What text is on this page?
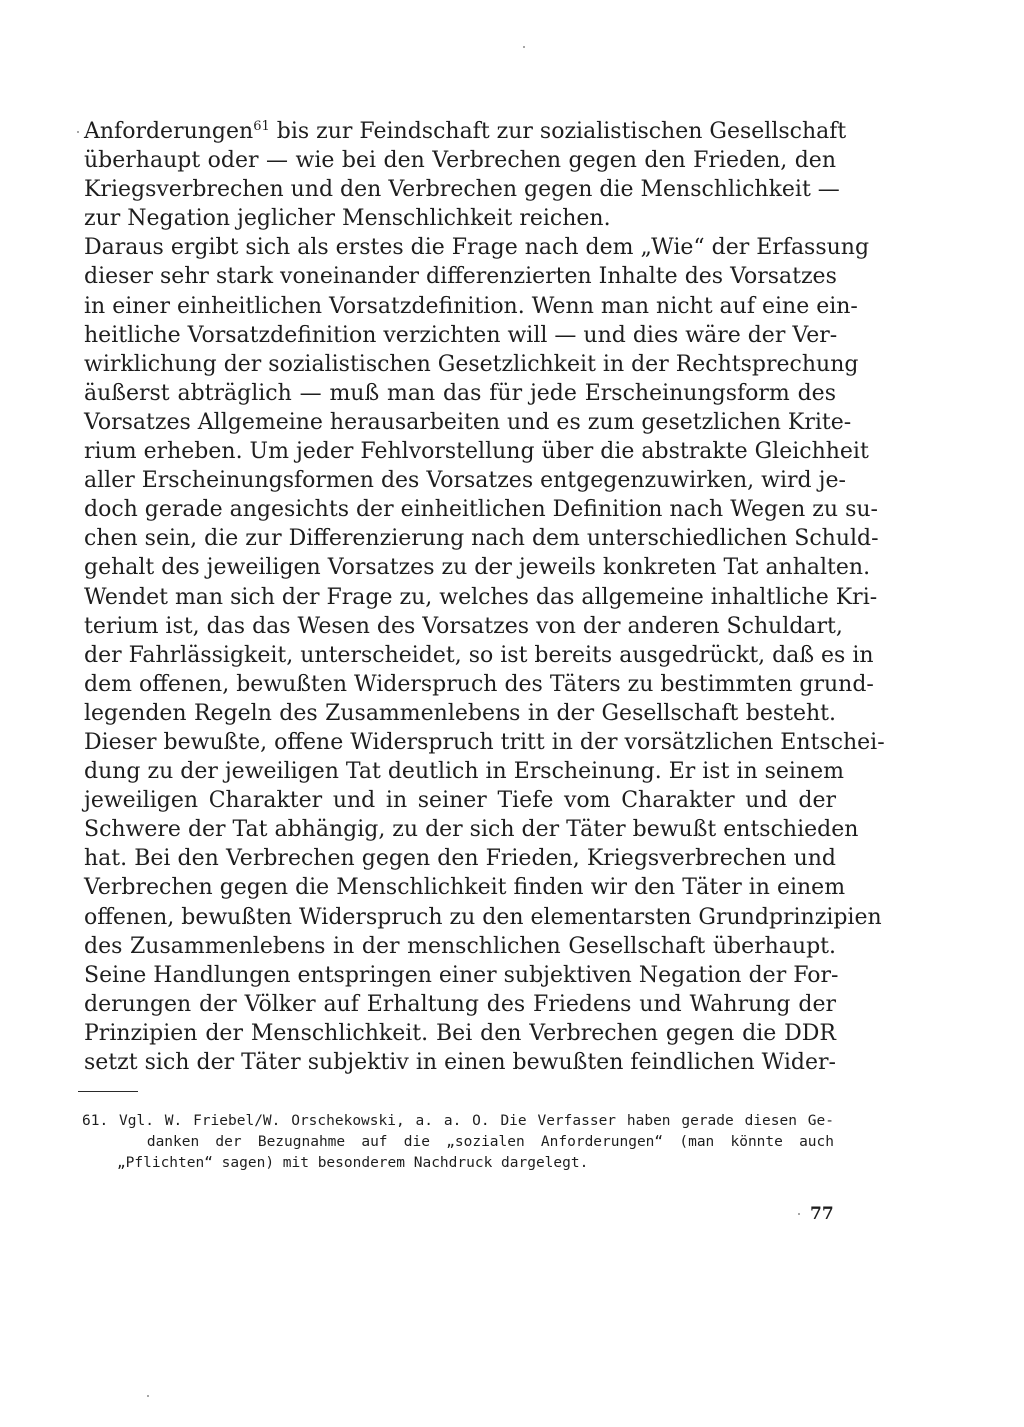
Anforderungen$^{61}$ bis zur Feindschaft zur sozialistischen Gesellschaft
überhaupt oder — wie bei den Verbrechen gegen den Frieden, den
Kriegsverbrechen und den Verbrechen gegen die Menschlichkeit —
zur Negation jeglicher Menschlichkeit reichen.
Daraus ergibt sich als erstes die Frage nach dem „Wie“ der Erfassung
dieser sehr stark voneinander differenzierten Inhalte des Vorsatzes
in einer einheitlichen Vorsatzdefinition. Wenn man nicht auf eine ein-
heitliche Vorsatzdefinition verzichten will — und dies wäre der Ver-
wirklichung der sozialistischen Gesetzlichkeit in der Rechtsprechung
äußerst abträglich — muß man das für jede Erscheinungsform des
Vorsatzes Allgemeine herausarbeiten und es zum gesetzlichen Krite-
rium erheben. Um jeder Fehlvorstellung über die abstrakte Gleichheit
aller Erscheinungsformen des Vorsatzes entgegenzuwirken, wird je-
doch gerade angesichts der einheitlichen Definition nach Wegen zu su-
chen sein, die zur Differenzierung nach dem unterschiedlichen Schuld-
gehalt des jeweiligen Vorsatzes zu der jeweils konkreten Tat anhalten.
Wendet man sich der Frage zu, welches das allgemeine inhaltliche Kri-
terium ist, das das Wesen des Vorsatzes von der anderen Schuldart,
der Fahrlässigkeit, unterscheidet, so ist bereits ausgedrückt, daß es in
dem offenen, bewußten Widerspruch des Täters zu bestimmten grund-
legenden Regeln des Zusammenlebens in der Gesellschaft besteht.
Dieser bewußte, offene Widerspruch tritt in der vorsätzlichen Entschei-
dung zu der jeweiligen Tat deutlich in Erscheinung. Er ist in seinem
jeweiligen Charakter und in seiner Tiefe vom Charakter und der
Schwere der Tat abhängig, zu der sich der Täter bewußt entschieden
hat. Bei den Verbrechen gegen den Frieden, Kriegsverbrechen und
Verbrechen gegen die Menschlichkeit finden wir den Täter in einem
offenen, bewußten Widerspruch zu den elementarsten Grundprinzipien
des Zusammenlebens in der menschlichen Gesellschaft überhaupt.
Seine Handlungen entspringen einer subjektiven Negation der For-
derungen der Völker auf Erhaltung des Friedens und Wahrung der
Prinzipien der Menschlichkeit. Bei den Verbrechen gegen die DDR
setzt sich der Täter subjektiv in einen bewußten feindlichen Wider-
61. Vgl. W. Friebel/W. Orschekowski, a. a. O. Die Verfasser haben gerade diesen Ge-
danken der Bezugnahme auf die „sozialen Anforderungen“ (man könnte auch
„Pflichten“ sagen) mit besonderem Nachdruck dargelegt.
77
